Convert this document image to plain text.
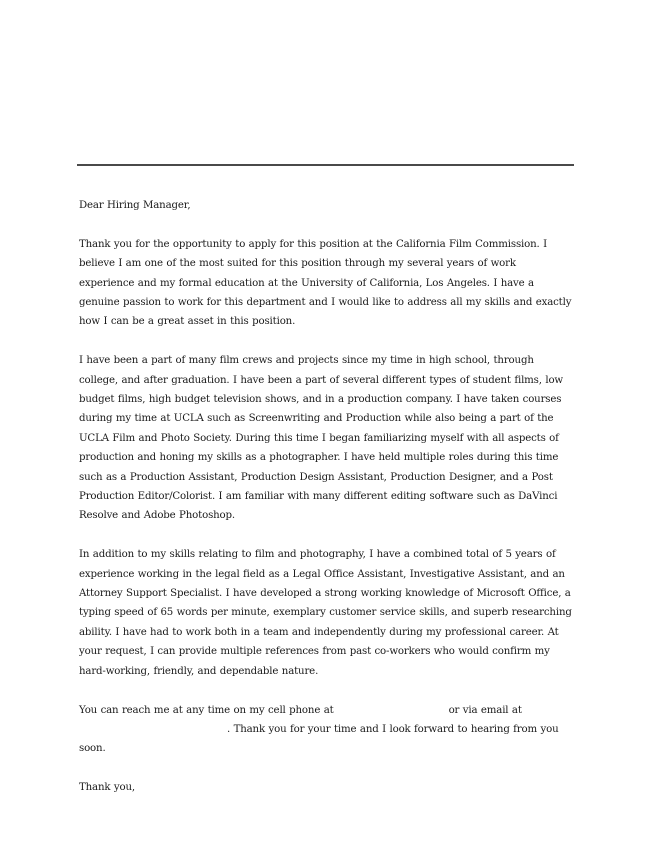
Dear Hiring Manager,

Thank you for the opportunity to apply for this position at the California Film Commission. I believe I am one of the most suited for this position through my several years of work experience and my formal education at the University of California, Los Angeles. I have a genuine passion to work for this department and I would like to address all my skills and exactly how I can be a great asset in this position.

I have been a part of many film crews and projects since my time in high school, through college, and after graduation. I have been a part of several different types of student films, low budget films, high budget television shows, and in a production company. I have taken courses during my time at UCLA such as Screenwriting and Production while also being a part of the UCLA Film and Photo Society. During this time I began familiarizing myself with all aspects of production and honing my skills as a photographer. I have held multiple roles during this time such as a Production Assistant, Production Design Assistant, Production Designer, and a Post Production Editor/Colorist. I am familiar with many different editing software such as DaVinci Resolve and Adobe Photoshop.

In addition to my skills relating to film and photography, I have a combined total of 5 years of experience working in the legal field as a Legal Office Assistant, Investigative Assistant, and an Attorney Support Specialist. I have developed a strong working knowledge of Microsoft Office, a typing speed of 65 words per minute, exemplary customer service skills, and superb researching ability. I have had to work both in a team and independently during my professional career. At your request, I can provide multiple references from past co-workers who would confirm my hard-working, friendly, and dependable nature.

You can reach me at any time on my cell phone at	or via email at
. Thank you for your time and I look forward to hearing from you soon.

Thank you,
